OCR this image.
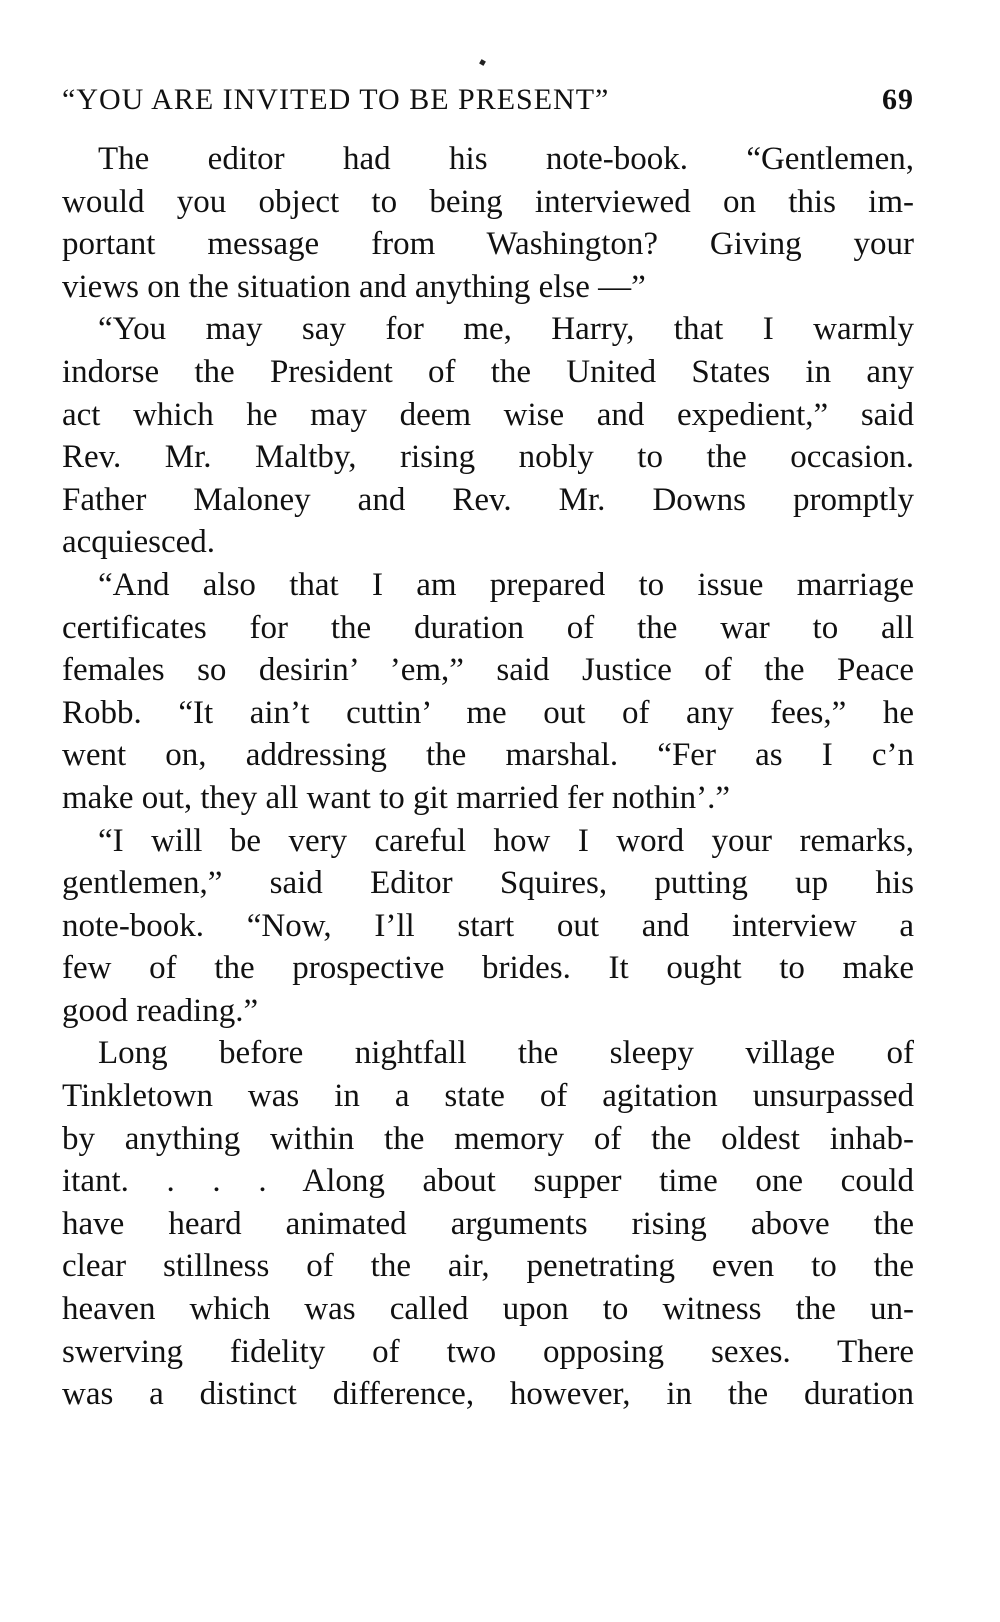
“YOU ARE INVITED TO BE PRESENT”	69

The editor had his note-book. “Gentlemen,
would you object to being interviewed on this im-
portant message from Washington? Giving your
views on the situation and anything else —”

“You may say for me, Harry, that I warmly
indorse the President of the United States in any
act which he may deem wise and expedient,” said
Rev. Mr. Maltby, rising nobly to the occasion.
Father Maloney and Rev. Mr. Downs promptly
acquiesced.

“And also that I am prepared to issue marriage
certificates for the duration of the war to all
females so desirin’ ’em,” said Justice of the Peace
Robb. “It ain’t cuttin’ me out of any fees,” he
went on, addressing the marshal. “Fer as I c’n
make out, they all want to git married fer nothin’.”

“I will be very careful how I word your remarks,
gentlemen,” said Editor Squires, putting up his
note-book. “Now, I’ll start out and interview a
few of the prospective brides. It ought to make
good reading.”

Long before nightfall the sleepy village of
Tinkletown was in a state of agitation unsurpassed
by anything within the memory of the oldest inhab-
itant. . . . Along about supper time one could
have heard animated arguments rising above the
clear stillness of the air, penetrating even to the
heaven which was called upon to witness the un-
swerving fidelity of two opposing sexes. There
was a distinct difference, however, in the duration
